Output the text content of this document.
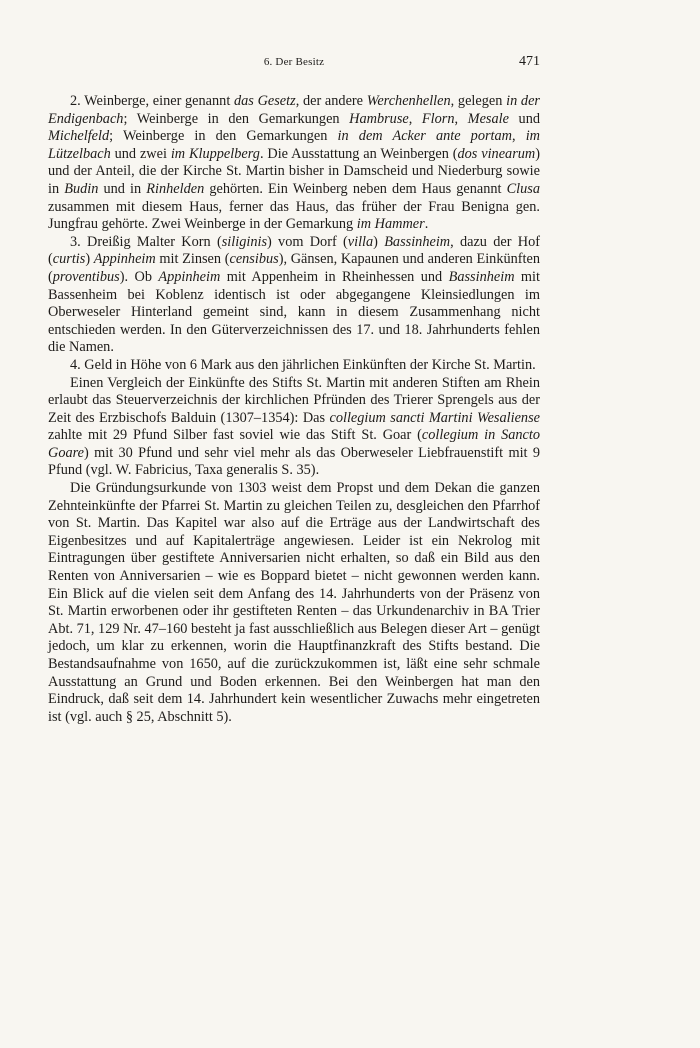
6. Der Besitz	471

2. Weinberge, einer genannt das Gesetz, der andere Werchenhellen, gelegen in der Endigenbach; Weinberge in den Gemarkungen Hambruse, Florn, Mesale und Michelfeld; Weinberge in den Gemarkungen in dem Acker ante portam, im Lützelbach und zwei im Kluppelberg. Die Ausstattung an Weinbergen (dos vinearum) und der Anteil, die der Kirche St. Martin bisher in Damscheid und Niederburg sowie in Budin und in Rinhelden gehörten. Ein Weinberg neben dem Haus genannt Clusa zusammen mit diesem Haus, ferner das Haus, das früher der Frau Benigna gen. Jungfrau gehörte. Zwei Weinberge in der Gemarkung im Hammer.

3. Dreißig Malter Korn (siliginis) vom Dorf (villa) Bassinheim, dazu der Hof (curtis) Appinheim mit Zinsen (censibus), Gänsen, Kapaunen und anderen Einkünften (proventibus). Ob Appinheim mit Appenheim in Rheinhessen und Bassinheim mit Bassenheim bei Koblenz identisch ist oder abgegangene Kleinsiedlungen im Oberweseler Hinterland gemeint sind, kann in diesem Zusammenhang nicht entschieden werden. In den Güterverzeichnissen des 17. und 18. Jahrhunderts fehlen die Namen.

4. Geld in Höhe von 6 Mark aus den jährlichen Einkünften der Kirche St. Martin.

Einen Vergleich der Einkünfte des Stifts St. Martin mit anderen Stiften am Rhein erlaubt das Steuerverzeichnis der kirchlichen Pfründen des Trierer Sprengels aus der Zeit des Erzbischofs Balduin (1307–1354): Das collegium sancti Martini Wesaliense zahlte mit 29 Pfund Silber fast soviel wie das Stift St. Goar (collegium in Sancto Goare) mit 30 Pfund und sehr viel mehr als das Oberweseler Liebfrauenstift mit 9 Pfund (vgl. W. Fabricius, Taxa generalis S. 35).

Die Gründungsurkunde von 1303 weist dem Propst und dem Dekan die ganzen Zehnteinkünfte der Pfarrei St. Martin zu gleichen Teilen zu, desgleichen den Pfarrhof von St. Martin. Das Kapitel war also auf die Erträge aus der Landwirtschaft des Eigenbesitzes und auf Kapitalerträge angewiesen. Leider ist ein Nekrolog mit Eintragungen über gestiftete Anniversarien nicht erhalten, so daß ein Bild aus den Renten von Anniversarien – wie es Boppard bietet – nicht gewonnen werden kann. Ein Blick auf die vielen seit dem Anfang des 14. Jahrhunderts von der Präsenz von St. Martin erworbenen oder ihr gestifteten Renten – das Urkundenarchiv in BA Trier Abt. 71, 129 Nr. 47–160 besteht ja fast ausschließlich aus Belegen dieser Art – genügt jedoch, um klar zu erkennen, worin die Hauptfinanzkraft des Stifts bestand. Die Bestandsaufnahme von 1650, auf die zurückzukommen ist, läßt eine sehr schmale Ausstattung an Grund und Boden erkennen. Bei den Weinbergen hat man den Eindruck, daß seit dem 14. Jahrhundert kein wesentlicher Zuwachs mehr eingetreten ist (vgl. auch § 25, Abschnitt 5).
